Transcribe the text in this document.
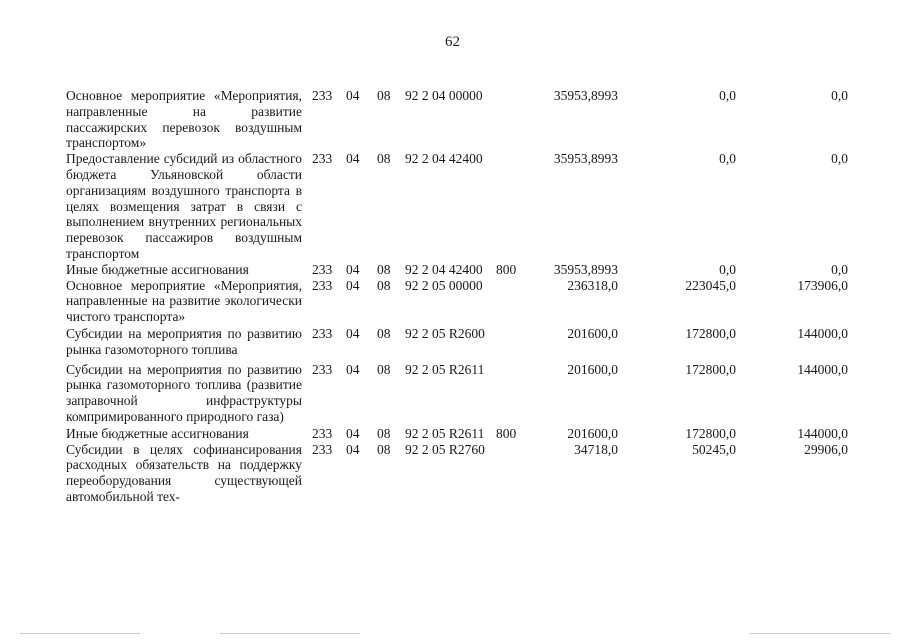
62
Основное мероприятие «Мероприятия, направленные на развитие пассажирских перевозок воздушным транспортом»	233	04	08	92 2 04 00000		35953,8993	0,0	0,0
Предоставление субсидий из областного бюджета Ульяновской области организациям воздушного транспорта в целях возмещения затрат в связи с выполнением внутренних региональных перевозок пассажиров воздушным транспортом	233	04	08	92 2 04 42400		35953,8993	0,0	0,0
Иные бюджетные ассигнования	233	04	08	92 2 04 42400	800	35953,8993	0,0	0,0
Основное мероприятие «Мероприятия, направленные на развитие экологически чистого транспорта»	233	04	08	92 2 05 00000		236318,0	223045,0	173906,0
Субсидии на мероприятия по развитию рынка газомоторного топлива	233	04	08	92 2 05 R2600		201600,0	172800,0	144000,0
Субсидии на мероприятия по развитию рынка газомоторного топлива (развитие заправочной инфраструктуры компримированного природного газа)	233	04	08	92 2 05 R2611		201600,0	172800,0	144000,0
Иные бюджетные ассигнования	233	04	08	92 2 05 R2611	800	201600,0	172800,0	144000,0
Субсидии в целях софинансирования расходных обязательств на поддержку переоборудования существующей автомобильной тех-	233	04	08	92 2 05 R2760		34718,0	50245,0	29906,0
